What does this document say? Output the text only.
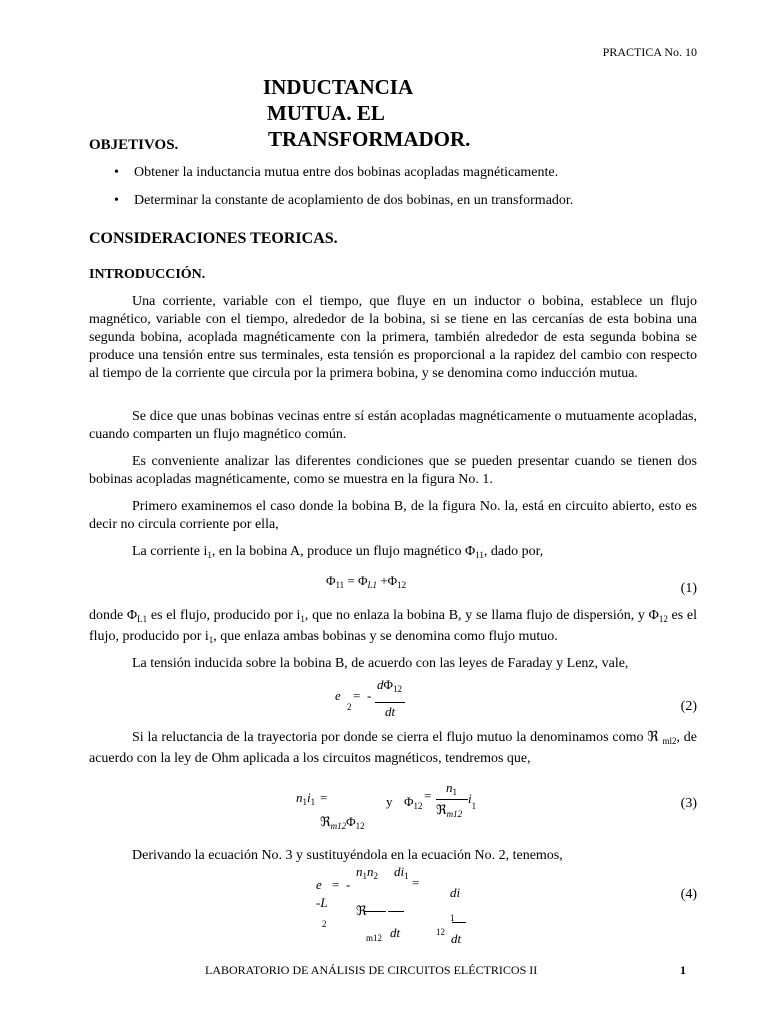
PRACTICA No. 10
INDUCTANCIA
MUTUA. EL
TRANSFORMADOR.
OBJETIVOS.
• Obtener la inductancia mutua entre dos bobinas acopladas magnéticamente.
• Determinar la constante de acoplamiento de dos bobinas, en un transformador.
CONSIDERACIONES TEORICAS.
INTRODUCCIÓN.
Una corriente, variable con el tiempo, que fluye en un inductor o bobina, establece un flujo magnético, variable con el tiempo, alrededor de la bobina, si se tiene en las cercanías de esta bobina una segunda bobina, acoplada magnéticamente con la primera, también alrededor de esta segunda bobina se produce una tensión entre sus terminales, esta tensión es proporcional a la rapidez del cambio con respecto al tiempo de la corriente que circula por la primera bobina, y se denomina como inducción mutua.
Se dice que unas bobinas vecinas entre sí están acopladas magnéticamente o mutuamente acopladas, cuando comparten un flujo magnético común.
Es conveniente analizar las diferentes condiciones que se pueden presentar cuando se tienen dos bobinas acopladas magnéticamente, como se muestra en la figura No. 1.
Primero examinemos el caso donde la bobina B, de la figura No. la, está en circuito abierto, esto es decir no circula corriente por ella,
La corriente $i_1$, en la bobina A, produce un flujo magnético $\Phi_{11}$, dado por,
$\Phi_{11} = \Phi_{L1} +\Phi_{12}$	(1)
donde $\Phi_{L1}$ es el flujo, producido por $i_1$, que no enlaza la bobina B, y se llama flujo de dispersión, y $\Phi_{12}$ es el flujo, producido por $i_1$, que enlaza ambas bobinas y se denomina como flujo mutuo.
La tensión inducida sobre la bobina B, de acuerdo con las leyes de Faraday y Lenz, vale,
e = -
2
$d\Phi_{12}$
dt	(2)
Si la reluctancia de la trayectoria por donde se cierra el flujo mutuo la denominamos como ℜ $_{ml2}$, de acuerdo con la ley de Ohm aplicada a los circuitos magnéticos, tendremos que,
$n_1i_1$ =
$ℜ_{m12}\Phi_{12}$
y $\Phi_{12}$
=
$n_1$
ℜ$_{m12}$
$i_1$	(3)
Derivando la ecuación No. 3 y sustituyéndola en la ecuación No. 2, tenemos,
e = -
-L
2
$n_1n_2$ $di_1$ =
ℜ
m12 dt
di
1
12 dt
(4)
LABORATORIO DE ANÁLISIS DE CIRCUITOS ELÉCTRICOS II	1
